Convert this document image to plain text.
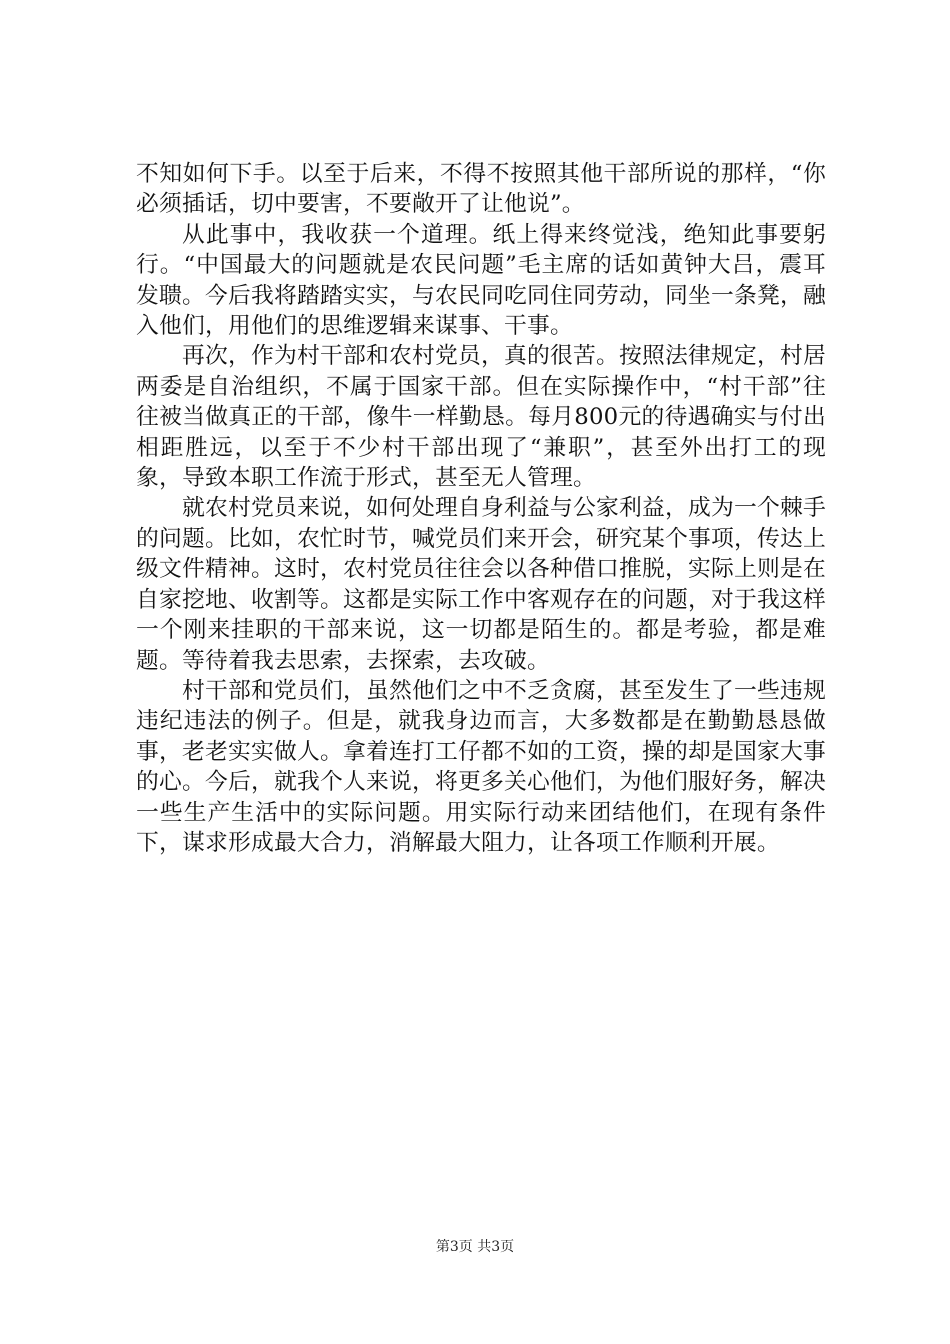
不知如何下手。以至于后来，不得不按照其他干部所说的那样，“你必须插话，切中要害，不要敞开了让他说”。

从此事中，我收获一个道理。纸上得来终觉浅，绝知此事要躬行。“中国最大的问题就是农民问题”毛主席的话如黄钟大吕，震耳发聩。今后我将踏踏实实，与农民同吃同住同劳动，同坐一条凳，融入他们，用他们的思维逻辑来谋事、干事。

再次，作为村干部和农村党员，真的很苦。按照法律规定，村居两委是自治组织，不属于国家干部。但在实际操作中，“村干部”往往被当做真正的干部，像牛一样勤恳。每月800元的待遇确实与付出相距胜远，以至于不少村干部出现了“兼职”，甚至外出打工的现象，导致本职工作流于形式，甚至无人管理。

就农村党员来说，如何处理自身利益与公家利益，成为一个棘手的问题。比如，农忙时节，喊党员们来开会，研究某个事项，传达上级文件精神。这时，农村党员往往会以各种借口推脱，实际上则是在自家挖地、收割等。这都是实际工作中客观存在的问题，对于我这样一个刚来挂职的干部来说，这一切都是陌生的。都是考验，都是难题。等待着我去思索，去探索，去攻破。

村干部和党员们，虽然他们之中不乏贪腐，甚至发生了一些违规违纪违法的例子。但是，就我身边而言，大多数都是在勤勤恳恳做事，老老实实做人。拿着连打工仔都不如的工资，操的却是国家大事的心。今后，就我个人来说，将更多关心他们，为他们服好务，解决一些生产生活中的实际问题。用实际行动来团结他们，在现有条件下，谋求形成最大合力，消解最大阻力，让各项工作顺利开展。

第3页 共3页
